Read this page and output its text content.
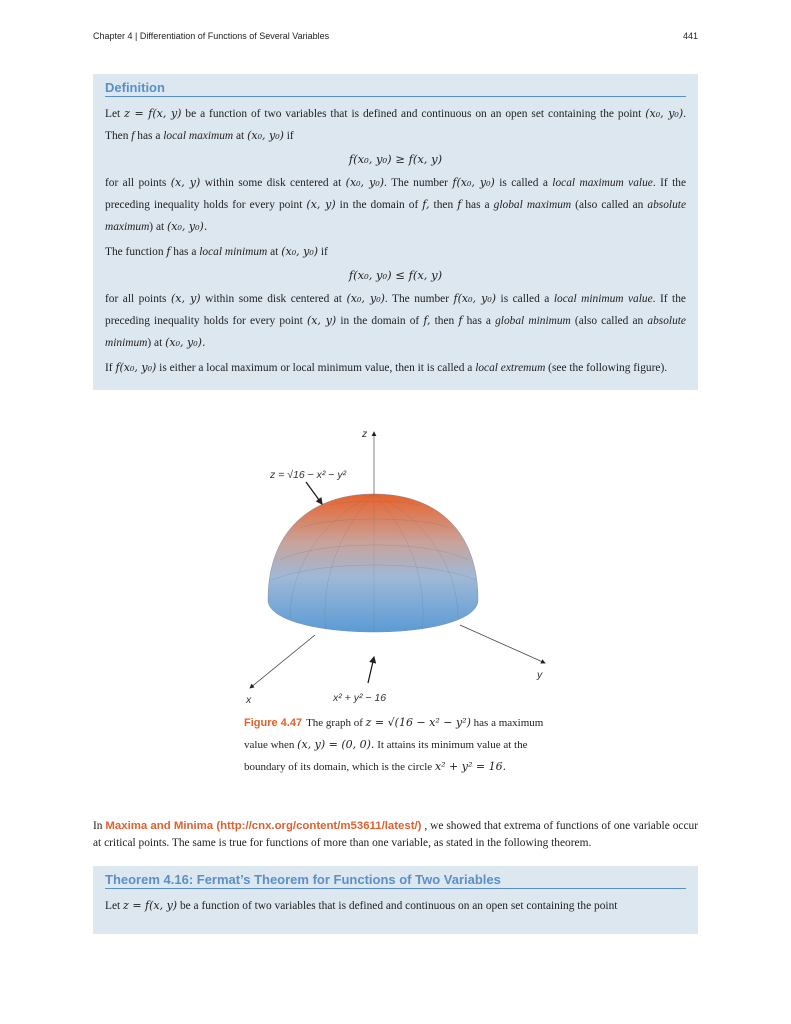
Chapter 4 | Differentiation of Functions of Several Variables	441
Definition

Let z = f(x, y) be a function of two variables that is defined and continuous on an open set containing the point (x₀, y₀). Then f has a local maximum at (x₀, y₀) if

f(x₀, y₀) ≥ f(x, y)

for all points (x, y) within some disk centered at (x₀, y₀). The number f(x₀, y₀) is called a local maximum value. If the preceding inequality holds for every point (x, y) in the domain of f, then f has a global maximum (also called an absolute maximum) at (x₀, y₀).

The function f has a local minimum at (x₀, y₀) if

f(x₀, y₀) ≤ f(x, y)

for all points (x, y) within some disk centered at (x₀, y₀). The number f(x₀, y₀) is called a local minimum value. If the preceding inequality holds for every point (x, y) in the domain of f, then f has a global minimum (also called an absolute minimum) at (x₀, y₀).

If f(x₀, y₀) is either a local maximum or local minimum value, then it is called a local extremum (see the following figure).

z
x
y
z = √16 − x² − y²
x² + y² − 16
Figure 4.47 The graph of z = √(16 − x² − y²) has a maximum value when (x, y) = (0, 0). It attains its minimum value at the boundary of its domain, which is the circle x² + y² = 16.
In Maxima and Minima (http://cnx.org/content/m53611/latest/) , we showed that extrema of functions of one variable occur at critical points. The same is true for functions of more than one variable, as stated in the following theorem.
Theorem 4.16: Fermat’s Theorem for Functions of Two Variables

Let z = f(x, y) be a function of two variables that is defined and continuous on an open set containing the point
